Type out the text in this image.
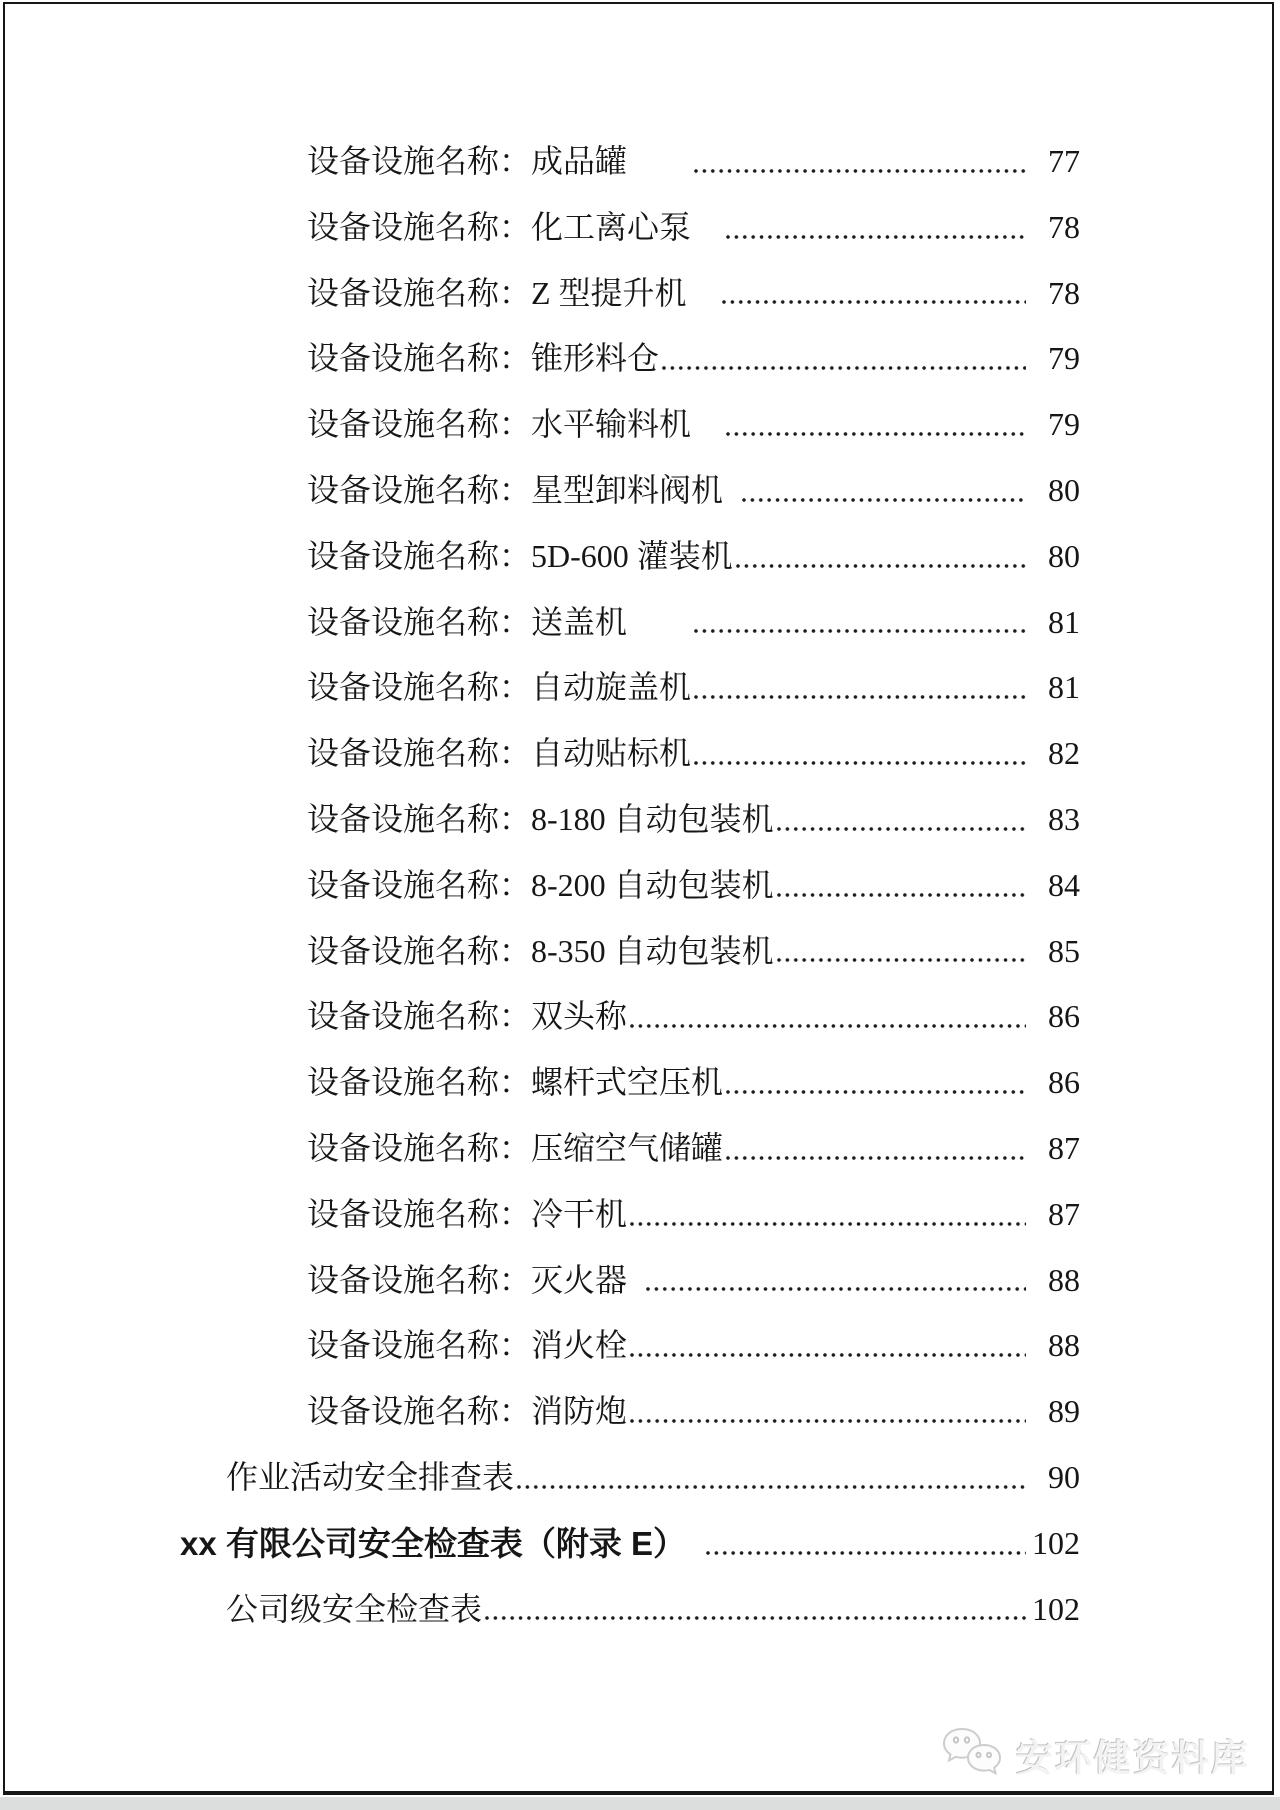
设备设施名称：成品罐　　	77
设备设施名称：化工离心泵　	78
设备设施名称：Z 型提升机　	78
设备设施名称：锥形料仓	79
设备设施名称：水平输料机　	79
设备设施名称：星型卸料阀机	80
设备设施名称：5D-600 灌装机	80
设备设施名称：送盖机　　	81
设备设施名称：自动旋盖机	81
设备设施名称：自动贴标机	82
设备设施名称：8-180 自动包装机	83
设备设施名称：8-200 自动包装机	84
设备设施名称：8-350 自动包装机	85
设备设施名称：双头称	86
设备设施名称：螺杆式空压机	86
设备设施名称：压缩空气储罐	87
设备设施名称：冷干机	87
设备设施名称：灭火器	88
设备设施名称：消火栓	88
设备设施名称：消防炮	89
作业活动安全排查表	90
xx 有限公司安全检查表（附录 E）　	102
公司级安全检查表	102
安环健资料库
